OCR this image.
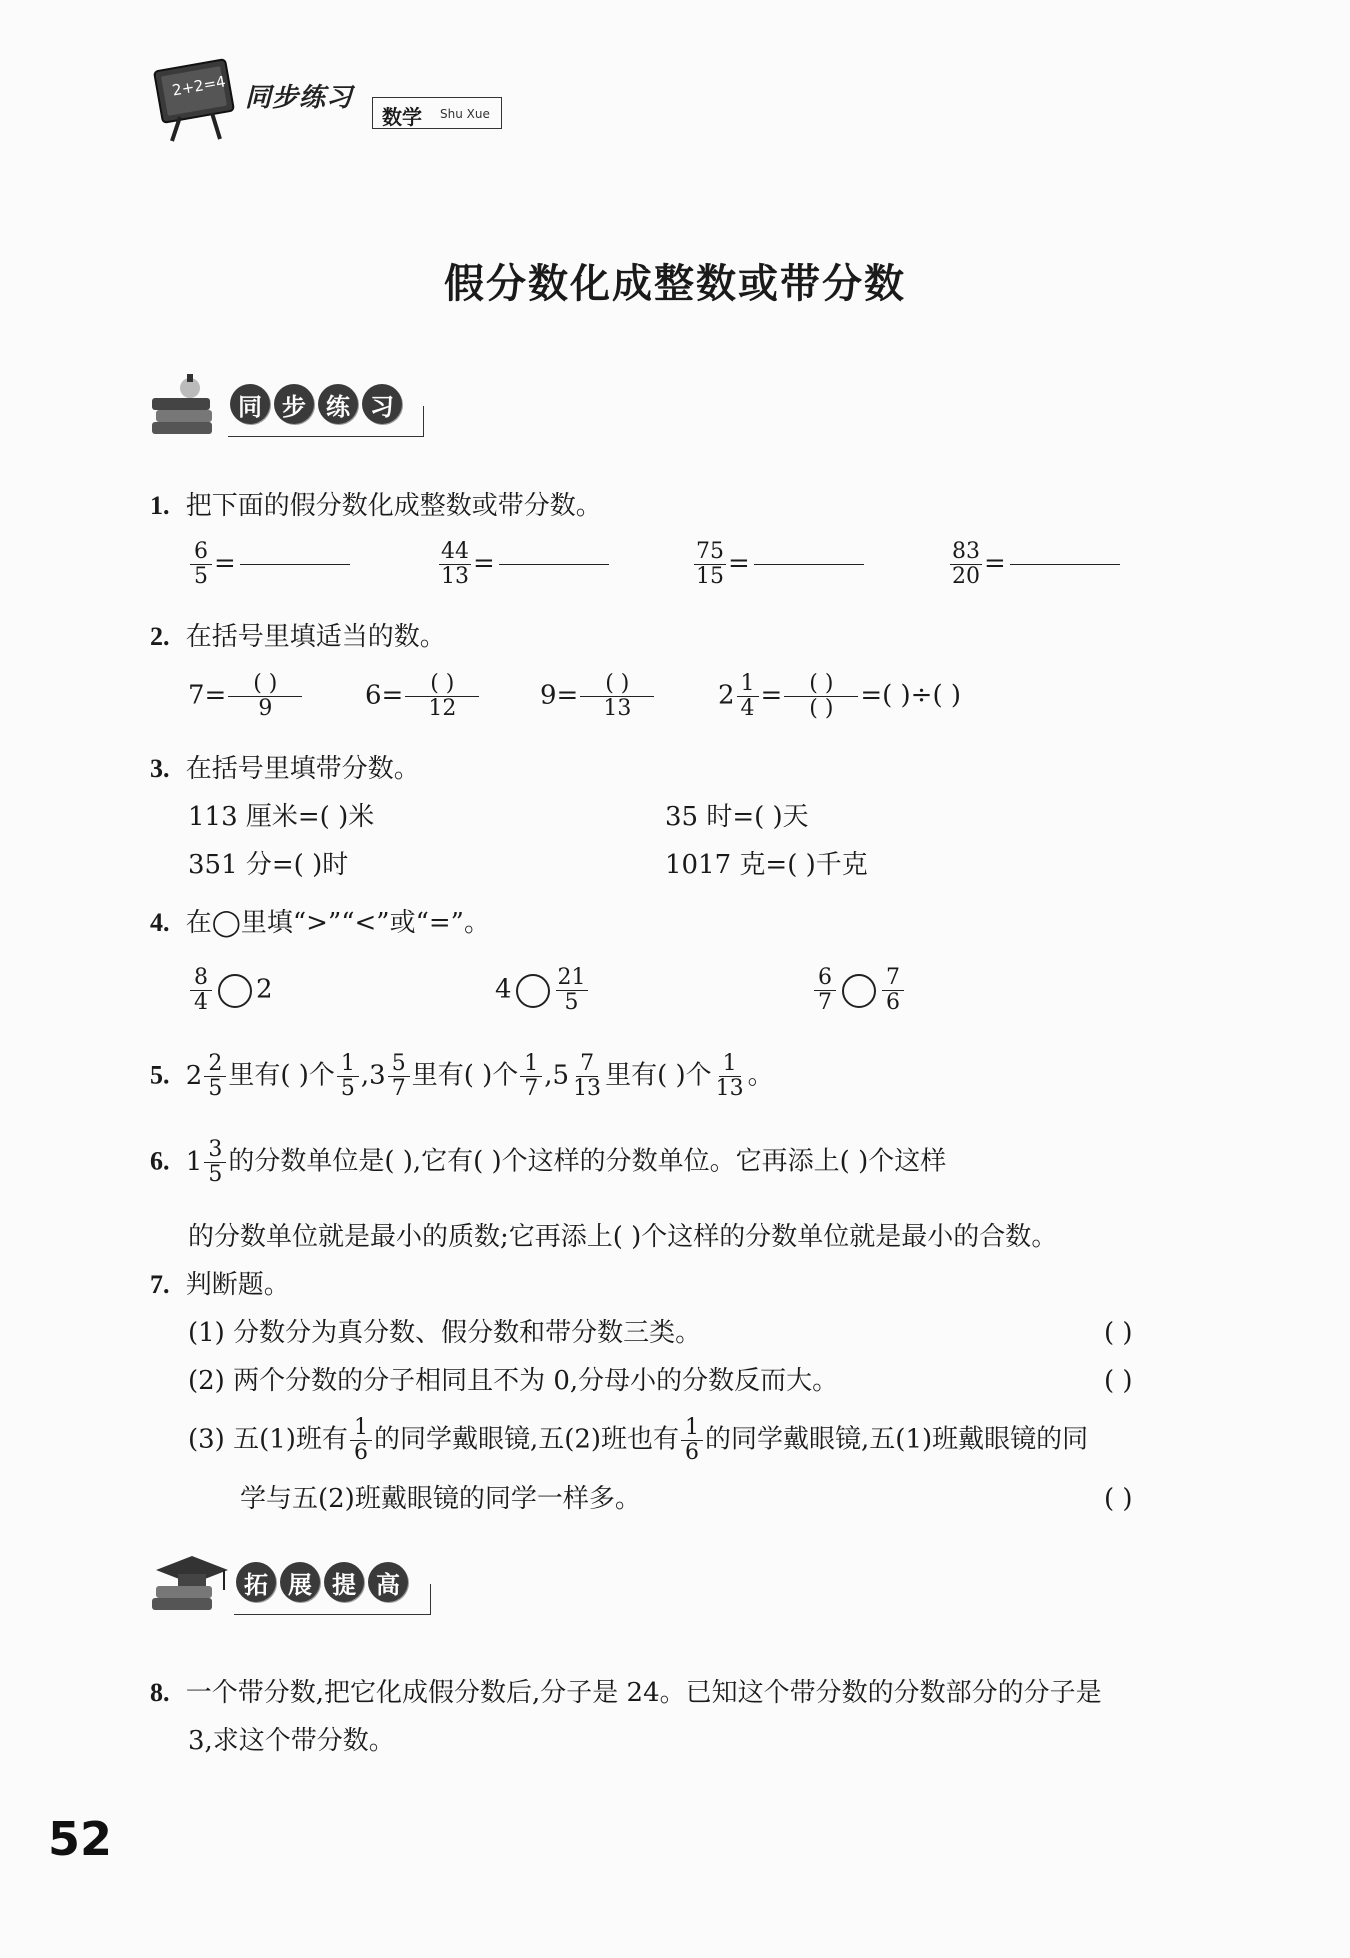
2+2=4 同步练习
数学 Shu Xue
假分数化成整数或带分数
同 步 练 习
1. 把下面的假分数化成整数或带分数。
$\frac{6}{5}$ =	$\frac{44}{13}$ =	$\frac{75}{15}$ =	$\frac{83}{20}$ =
2. 在括号里填适当的数。
$7= \frac{( )}{9} 6= \frac{( )}{12} 9= \frac{( )}{13} 2 \frac{1}{4} = \frac{( )}{( )}$ =( )÷( )
3. 在括号里填带分数。
113 厘米=( )米	35 时=( )天
351 分=( )时	1017 克=( )千克
4. 在◯里填“>”“<”或“=”。
$\frac{8}{4} 2$	$4 \frac{21}{5}$	$\frac{6}{7} \frac{7}{6}$
5. $2 \frac{2}{5}$ 里有( )个 $\frac{1}{5} ,3 \frac{5}{7}$ 里有( )个 $\frac{1}{7} ,5 \frac{7}{13}$ 里有( )个 $\frac{1}{13}$ 。
6. $1 \frac{3}{5}$ 的分数单位是( ),它有( )个这样的分数单位。它再添上( )个这样
的分数单位就是最小的质数;它再添上( )个这样的分数单位就是最小的合数。
7. 判断题。
(1) 分数分为真分数、假分数和带分数三类。	( )
(2) 两个分数的分子相同且不为 0,分母小的分数反而大。	( )
(3) 五(1)班有 $\frac{1}{6}$ 的同学戴眼镜,五(2)班也有 $\frac{1}{6}$ 的同学戴眼镜,五(1)班戴眼镜的同
学与五(2)班戴眼镜的同学一样多。	( )
拓 展 提 高
8. 一个带分数,把它化成假分数后,分子是 24。已知这个带分数的分数部分的分子是
3,求这个带分数。
52
